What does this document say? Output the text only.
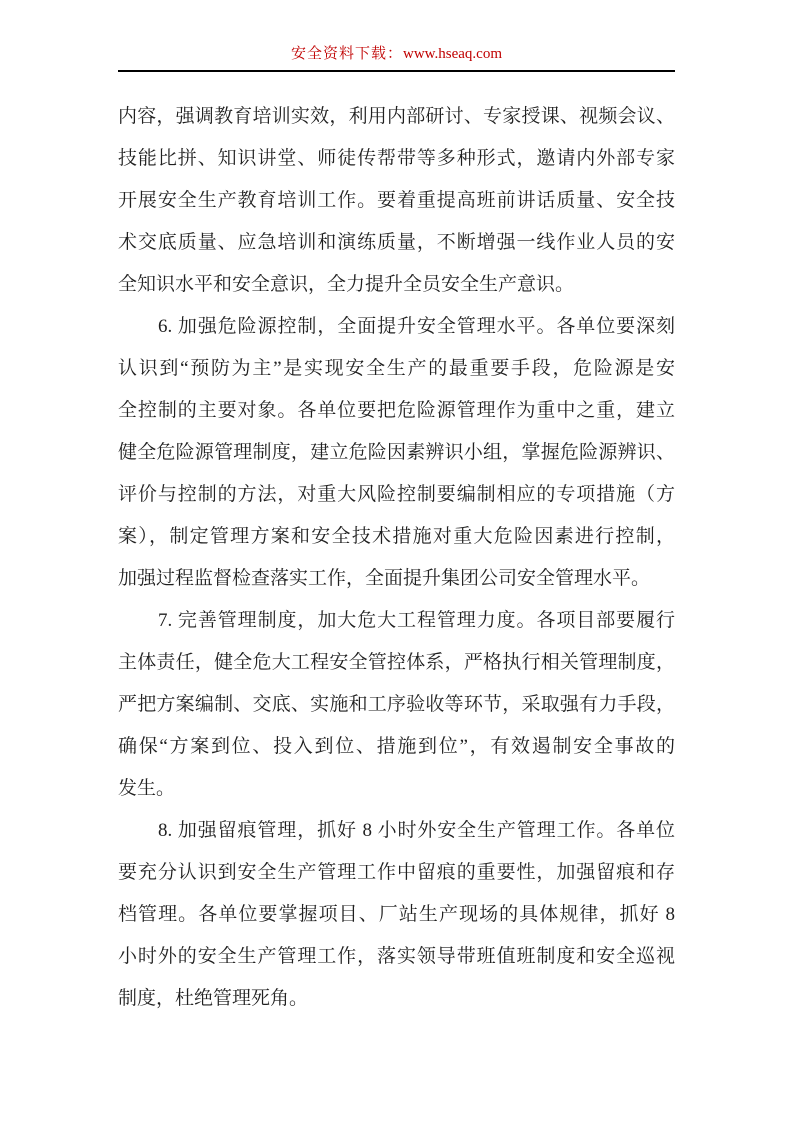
安全资料下载：www.hseaq.com
内容，强调教育培训实效，利用内部研讨、专家授课、视频会议、
技能比拼、知识讲堂、师徒传帮带等多种形式，邀请内外部专家
开展安全生产教育培训工作。要着重提高班前讲话质量、安全技
术交底质量、应急培训和演练质量，不断增强一线作业人员的安
全知识水平和安全意识，全力提升全员安全生产意识。
6. 加强危险源控制，全面提升安全管理水平。各单位要深刻
认识到“预防为主”是实现安全生产的最重要手段，危险源是安
全控制的主要对象。各单位要把危险源管理作为重中之重，建立
健全危险源管理制度，建立危险因素辨识小组，掌握危险源辨识、
评价与控制的方法，对重大风险控制要编制相应的专项措施（方
案），制定管理方案和安全技术措施对重大危险因素进行控制，
加强过程监督检查落实工作，全面提升集团公司安全管理水平。
7. 完善管理制度，加大危大工程管理力度。各项目部要履行
主体责任，健全危大工程安全管控体系，严格执行相关管理制度，
严把方案编制、交底、实施和工序验收等环节，采取强有力手段，
确保“方案到位、投入到位、措施到位”，有效遏制安全事故的
发生。
8. 加强留痕管理，抓好 8 小时外安全生产管理工作。各单位
要充分认识到安全生产管理工作中留痕的重要性，加强留痕和存
档管理。各单位要掌握项目、厂站生产现场的具体规律，抓好 8
小时外的安全生产管理工作，落实领导带班值班制度和安全巡视
制度，杜绝管理死角。
